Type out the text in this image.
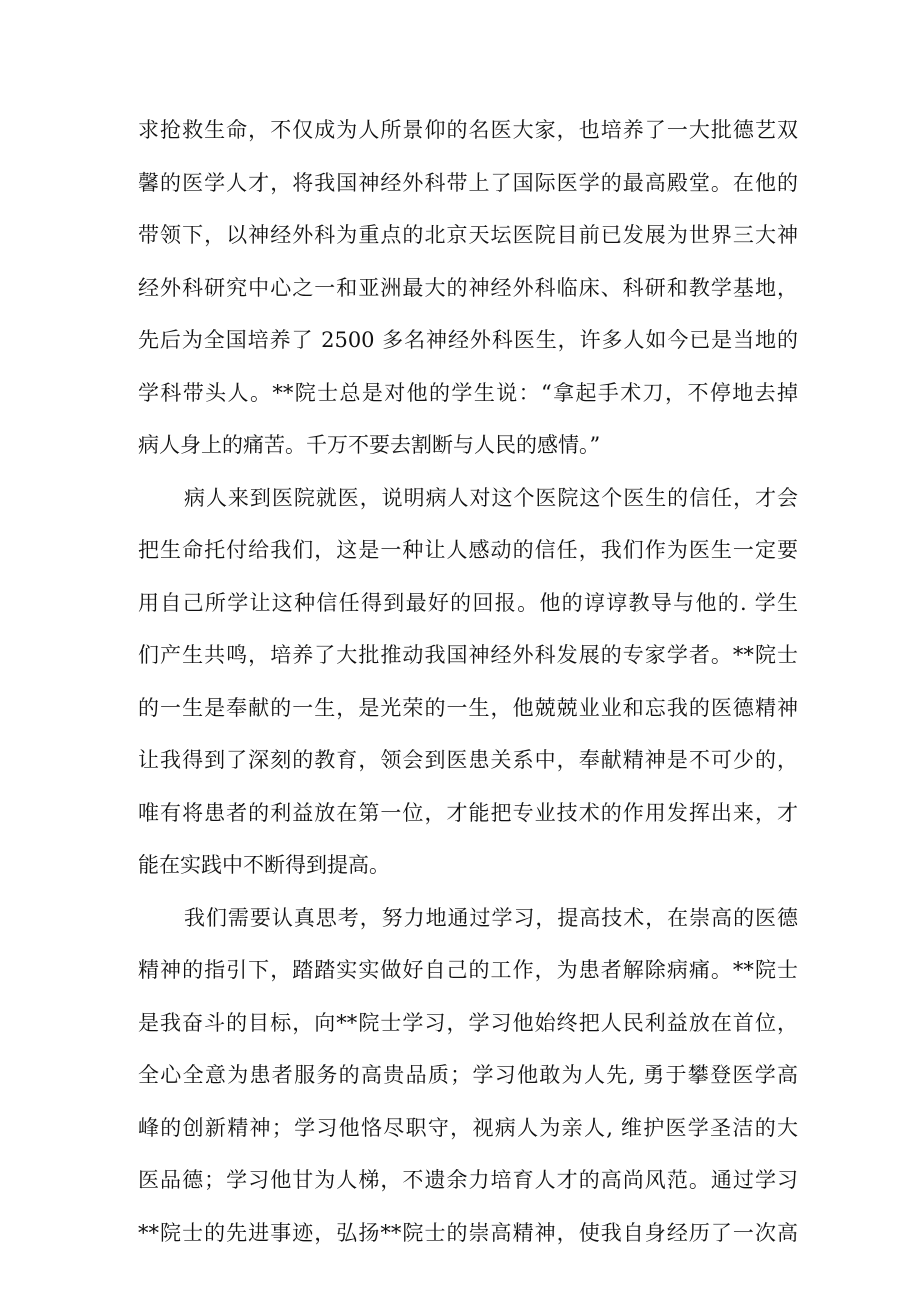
求抢救生命，不仅成为人所景仰的名医大家，也培养了一大批德艺双
馨的医学人才，将我国神经外科带上了国际医学的最高殿堂。在他的
带领下，以神经外科为重点的北京天坛医院目前已发展为世界三大神
经外科研究中心之一和亚洲最大的神经外科临床、科研和教学基地，
先后为全国培养了 2500 多名神经外科医生，许多人如今已是当地的
学科带头人。**院士总是对他的学生说：“拿起手术刀，不停地去掉
病人身上的痛苦。千万不要去割断与人民的感情。”
病人来到医院就医，说明病人对这个医院这个医生的信任，才会
把生命托付给我们，这是一种让人感动的信任，我们作为医生一定要
用自己所学让这种信任得到最好的回报。他的谆谆教导与他的. 学生
们产生共鸣，培养了大批推动我国神经外科发展的专家学者。**院士
的一生是奉献的一生，是光荣的一生，他兢兢业业和忘我的医德精神
让我得到了深刻的教育，领会到医患关系中，奉献精神是不可少的，
唯有将患者的利益放在第一位，才能把专业技术的作用发挥出来，才
能在实践中不断得到提高。
我们需要认真思考，努力地通过学习，提高技术，在崇高的医德
精神的指引下，踏踏实实做好自己的工作，为患者解除病痛。**院士
是我奋斗的目标，向**院士学习，学习他始终把人民利益放在首位，
全心全意为患者服务的高贵品质；学习他敢为人先, 勇于攀登医学高
峰的创新精神；学习他恪尽职守，视病人为亲人, 维护医学圣洁的大
医品德；学习他甘为人梯，不遗余力培育人才的高尚风范。通过学习
**院士的先进事迹，弘扬**院士的崇高精神，使我自身经历了一次高
